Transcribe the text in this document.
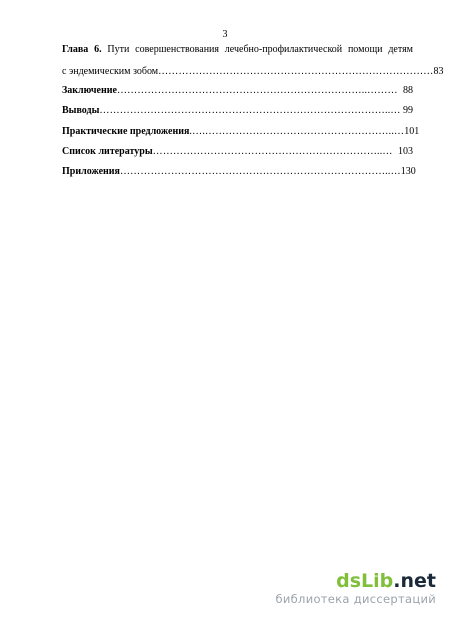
3
Глава 6. Пути совершенствования лечебно-профилактической помощи детям
с эндемическим зобом ……………………………………………………………………… 83
Заключение ………………………………………………………………..……… 88
Выводы …………………………………………………………………………..… 99
Практические предложения .….………………………………………………..… 101
Список литературы …………………………………………………………..… 103
Приложения ……………………………………………………………………..… 130
dsLib.net
библиотека диссертаций
